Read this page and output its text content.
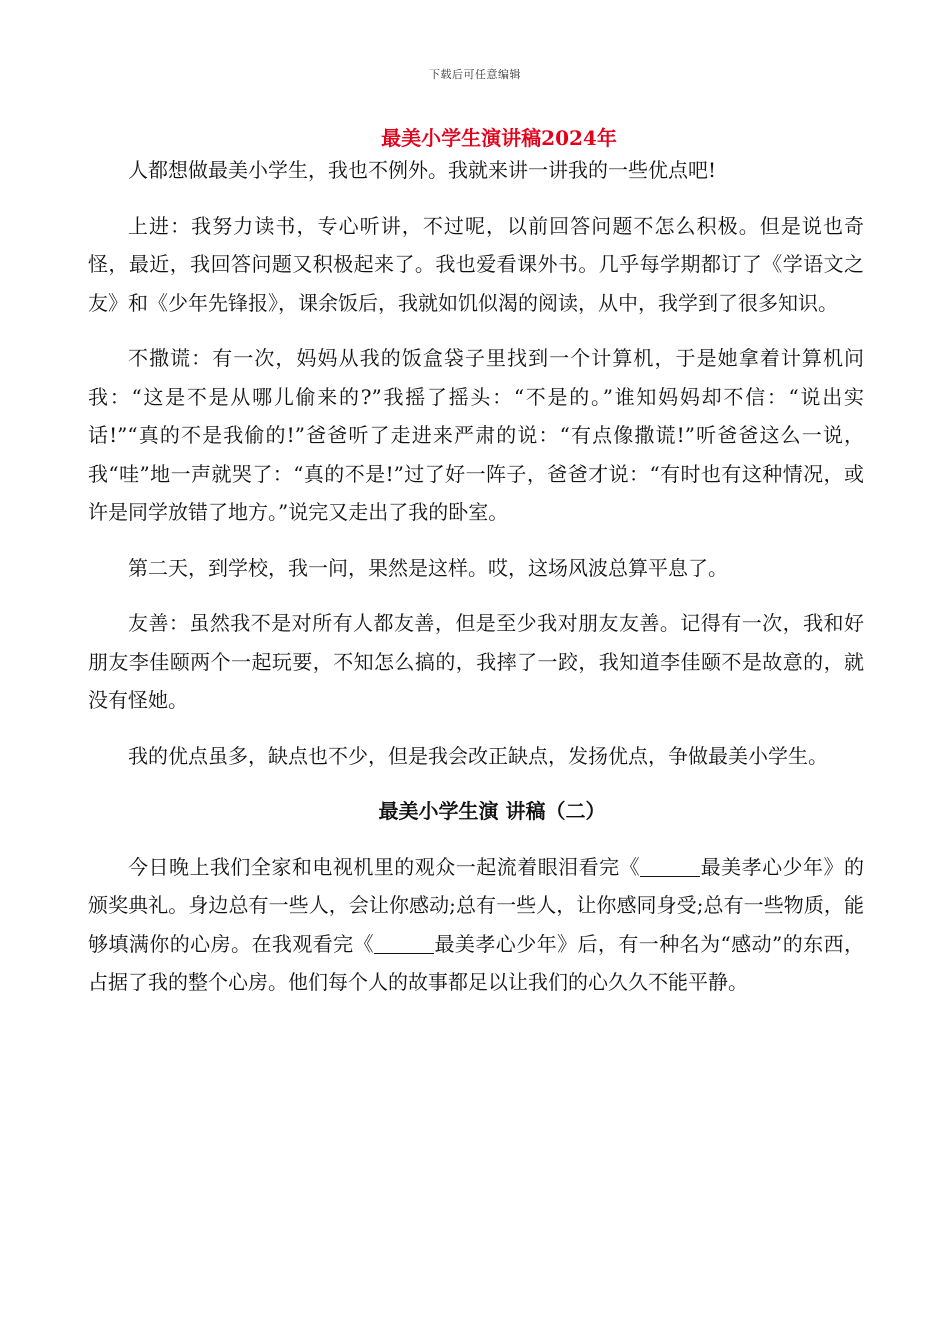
下载后可任意编辑
最美小学生演讲稿2024年

人都想做最美小学生，我也不例外。我就来讲一讲我的一些优点吧!

上进：我努力读书，专心听讲，不过呢，以前回答问题不怎么积极。但是说也奇怪，最近，我回答问题又积极起来了。我也爱看课外书。几乎每学期都订了《学语文之友》和《少年先锋报》，课余饭后，我就如饥似渴的阅读，从中，我学到了很多知识。

不撒谎：有一次，妈妈从我的饭盒袋子里找到一个计算机，于是她拿着计算机问我：“这是不是从哪儿偷来的?”我摇了摇头：“不是的。”谁知妈妈却不信：“说出实话!”“真的不是我偷的!”爸爸听了走进来严肃的说：“有点像撒谎!”听爸爸这么一说，我“哇”地一声就哭了：“真的不是!”过了好一阵子，爸爸才说：“有时也有这种情况，或许是同学放错了地方。”说完又走出了我的卧室。

第二天，到学校，我一问，果然是这样。哎，这场风波总算平息了。

友善：虽然我不是对所有人都友善，但是至少我对朋友友善。记得有一次，我和好朋友李佳颐两个一起玩要，不知怎么搞的，我摔了一跤，我知道李佳颐不是故意的，就没有怪她。

我的优点虽多，缺点也不少，但是我会改正缺点，发扬优点，争做最美小学生。

最美小学生演 讲稿（二）

今日晚上我们全家和电视机里的观众一起流着眼泪看完《	最美孝心少年》的颁奖典礼。身边总有一些人，会让你感动;总有一些人，让你感同身受;总有一些物质，能够填满你的心房。在我观看完《	最美孝心少年》后，有一种名为“感动”的东西，占据了我的整个心房。他们每个人的故事都足以让我们的心久久不能平静。
